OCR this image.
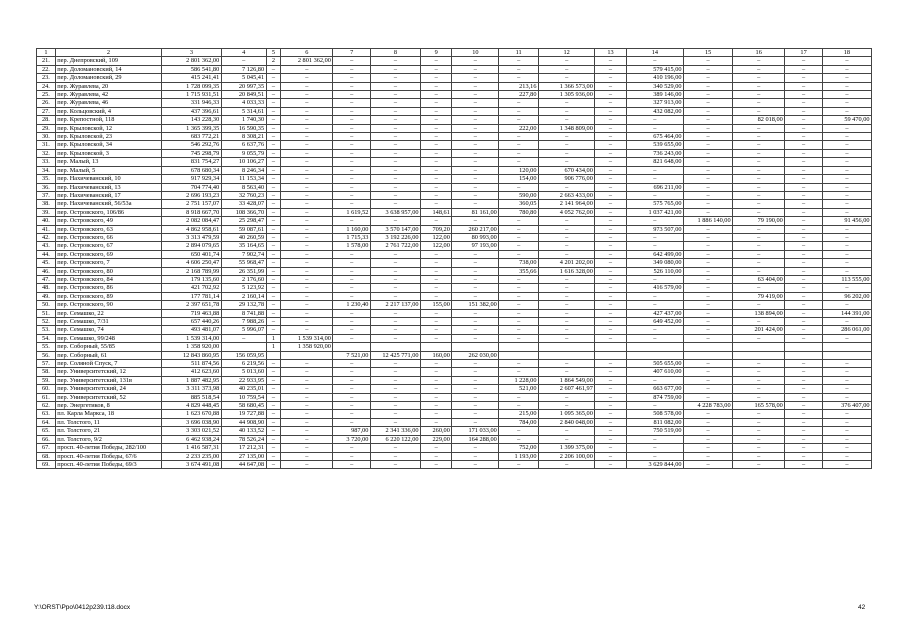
1	2	3	4	5	6	7	8	9	10	11	12	13	14	15	16	17	18
21.	пер. Днепровский, 109	2 801 362,00	–	2	2 801 362,00	–	–	–	–	–	–	–	–	–	–	–	–
22.	пер. Доломановский, 14	586 541,80	7 126,80	–	–	–	–	–	–	–	–	–	579 415,00	–	–	–	–
23.	пер. Доломановский, 29	415 241,41	5 045,41	–	–	–	–	–	–	–	–	–	410 196,00	–	–	–	–
24.	пер. Журавлева, 20	1 728 099,35	20 997,35	–	–	–	–	–	–	213,16	1 366 573,00	–	340 529,00	–	–	–	–
25.	пер. Журавлева, 42	1 715 931,51	20 849,51	–	–	–	–	–	–	227,80	1 305 936,00	–	389 146,00	–	–	–	–
26.	пер. Журавлева, 46	331 946,33	4 033,33	–	–	–	–	–	–	–	–	–	327 913,00	–	–	–	–
27.	пер. Кольцовский, 4	437 396,61	5 314,61	–	–	–	–	–	–	–	–	–	432 082,00	–	–	–	–
28.	пер. Крепостной, 118	143 228,30	1 740,30	–	–	–	–	–	–	–	–	–	–	–	82 018,00	–	59 470,00
29.	пер. Крыловской, 12	1 365 399,35	16 590,35	–	–	–	–	–	–	222,00	1 348 809,00	–	–	–	–	–	–
30.	пер. Крыловской, 23	683 772,21	8 308,21	–	–	–	–	–	–	–	–	–	675 464,00	–	–	–	–
31.	пер. Крыловской, 34	546 292,76	6 637,76	–	–	–	–	–	–	–	–	–	539 655,00	–	–	–	–
32.	пер. Крыловской, 3	745 298,79	9 055,79	–	–	–	–	–	–	–	–	–	736 243,00	–	–	–	–
33.	пер. Малый, 13	831 754,27	10 106,27	–	–	–	–	–	–	–	–	–	821 648,00	–	–	–	–
34.	пер. Малый, 5	678 680,34	8 246,34	–	–	–	–	–	–	120,00	670 434,00	–	–	–	–	–	–
35.	пер. Нахичеванский, 10	917 929,34	11 153,34	–	–	–	–	–	–	154,00	906 776,00	–	–	–	–	–	–
36.	пер. Нахичеванский, 13	704 774,40	8 563,40	–	–	–	–	–	–	–	–	–	696 211,00	–	–	–	–
37.	пер. Нахичеванский, 17	2 696 193,23	32 760,23	–	–	–	–	–	–	590,00	2 663 433,00	–	–	–	–	–	–
38.	пер. Нахичеванский, 56/53а	2 751 157,07	33 428,07	–	–	–	–	–	–	360,05	2 141 964,00	–	575 765,00	–	–	–	–
39.	пер. Островского, 106/86	8 918 667,70	108 366,70	–	–	1 619,52	3 638 957,00	148,61	81 161,00	780,80	4 052 762,00	–	1 037 421,00	–	–	–	–
40.	пер. Островского, 49	2 082 084,47	25 298,47	–	–	–	–	–	–	–	–	–	–	1 886 140,00	79 190,00	–	91 456,00
41.	пер. Островского, 63	4 862 958,61	59 087,61	–	–	1 160,00	3 570 147,00	709,20	260 217,00	–	–	–	973 507,00	–	–	–	–
42.	пер. Островского, 66	3 313 479,59	40 260,59	–	–	1 715,33	3 192 226,00	122,00	80 993,00	–	–	–	–	–	–	–	–
43.	пер. Островского, 67	2 894 079,65	35 164,65	–	–	1 578,00	2 761 722,00	122,00	97 193,00	–	–	–	–	–	–	–	–
44.	пер. Островского, 69	650 401,74	7 902,74	–	–	–	–	–	–	–	–	–	642 499,00	–	–	–	–
45.	пер. Островского, 7	4 606 250,47	55 968,47	–	–	–	–	–	–	738,00	4 201 202,00	–	349 080,00	–	–	–	–
46.	пер. Островского, 80	2 168 789,99	26 351,99	–	–	–	–	–	–	355,66	1 616 328,00	–	526 110,00	–	–	–	–
47.	пер. Островского, 84	179 135,60	2 176,60	–	–	–	–	–	–	–	–	–	–	–	63 404,00	–	113 555,00
48.	пер. Островского, 86	421 702,92	5 123,92	–	–	–	–	–	–	–	–	–	416 579,00	–	–	–	–
49.	пер. Островского, 89	177 781,14	2 160,14	–	–	–	–	–	–	–	–	–	–	–	79 419,00	–	96 202,00
50.	пер. Островского, 90	2 397 651,78	29 132,78	–	–	1 230,40	2 217 137,00	155,00	151 382,00	–	–	–	–	–	–	–	–
51.	пер. Семашко, 22	719 463,88	8 741,88	–	–	–	–	–	–	–	–	–	427 437,00	–	138 894,00	–	144 391,00
52.	пер. Семашко, 7/31	657 440,26	7 988,26	–	–	–	–	–	–	–	–	–	649 452,00	–	–	–	–
53.	пер. Семашко, 74	493 481,07	5 996,07	–	–	–	–	–	–	–	–	–	–	–	201 424,00	–	286 061,00
54.	пер. Семашко, 99/248	1 539 314,00	–	1	1 539 314,00	–	–	–	–	–	–	–	–	–	–	–	–
55.	пер. Соборный, 55/85	1 358 920,00		1	1 358 920,00												
56.	пер. Соборный, 61	12 843 860,95	156 059,95			7 521,00	12 425 771,00	160,00	262 030,00								
57.	пер. Соляной Спуск, 7	511 874,56	6 219,56	–	–	–	–	–	–	–	–	–	505 655,00	–	–	–	–
58.	пер. Университетский, 12	412 623,60	5 013,60	–	–	–	–	–	–	–	–	–	407 610,00	–	–	–	–
59.	пер. Университетский, 131в	1 887 482,95	22 933,95	–	–	–	–	–	–	1 228,00	1 864 549,00	–	–	–	–	–	–
60.	пер. Университетский, 24	3 311 373,98	40 235,01	–	–	–	–	–	–	521,00	2 607 461,97	–	663 677,00	–	–	–	–
61.	пер. Университетский, 52	885 518,54	10 759,54	–	–	–	–	–	–	–	–	–	874 759,00	–	–	–	–
62.	пер. Энергетиков, 8	4 829 448,45	58 680,45	–	–	–	–	–	–	–	–	–	–	4 228 783,00	165 578,00	–	376 407,00
63.	пл. Карла Маркса, 18	1 623 670,88	19 727,88	–	–	–	–	–	–	215,00	1 095 365,00	–	508 578,00	–	–	–	–
64.	пл. Толстого, 11	3 696 038,90	44 908,90	–	–	–	–	–	–	784,00	2 840 048,00	–	811 082,00	–	–	–	–
65.	пл. Толстого, 21	3 303 021,52	40 133,52	–	–	987,00	2 341 336,00	260,00	171 033,00	–	–	–	750 519,00	–	–	–	–
66.	пл. Толстого, 9/2	6 462 938,24	78 526,24	–	–	3 720,00	6 220 122,00	229,00	164 288,00	–	–	–	–	–	–	–	–
67.	просп. 40-летия Победы, 282/100	1 416 587,31	17 212,31	–	–	–	–	–	–	752,00	1 399 375,00	–	–	–	–	–	–
68.	просп. 40-летия Победы, 67/6	2 233 235,00	27 135,00	–	–	–	–	–	–	1 193,00	2 206 100,00	–	–	–	–	–	–
69.	просп. 40-летия Победы, 69/3	3 674 491,08	44 647,08	–	–	–	–	–	–	–	–	–	3 629 844,00	–	–	–	–
Y:\ORST\Ppo\0412p239.t18.docx	42
